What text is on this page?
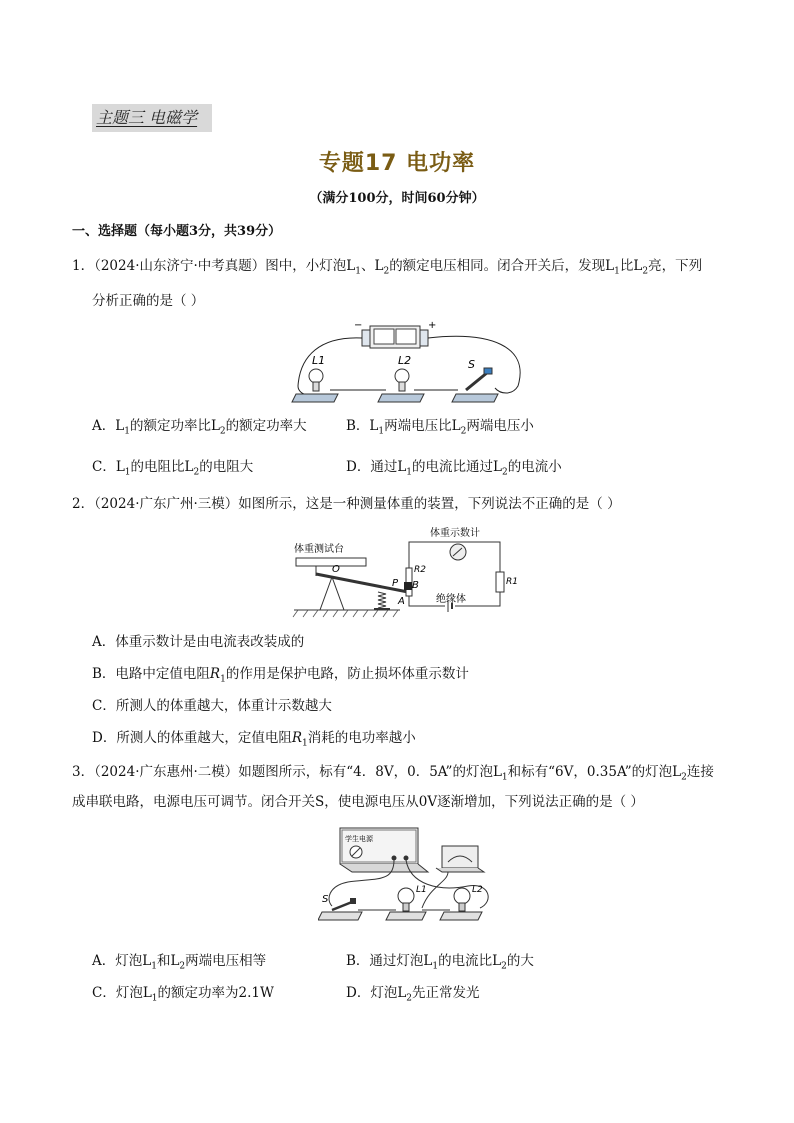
主题三 电磁学
专题17 电功率
（满分100分，时间60分钟）
一、选择题（每小题3分，共39分）
1．（2024·山东济宁·中考真题）图中，小灯泡$L_1$、$L_2$的额定电压相同。闭合开关后，发现$L_1$比$L_2$亮，下列
分析正确的是（ ）
−	+
L1	L2	S
A．$L_1$的额定功率比$L_2$的额定功率大	B．$L_1$两端电压比$L_2$两端电压小
C．$L_1$的电阻比$L_2$的电阻大	D．通过$L_1$的电流比通过$L_2$的电流小
2．（2024·广东广州·三模）如图所示，这是一种测量体重的装置，下列说法不正确的是（ ）
体重测试台
O
P B
A
R2
R1
体重示数计
绝缘体
A．体重示数计是由电流表改装成的
B．电路中定值电阻$R_1$的作用是保护电路，防止损坏体重示数计
C．所测人的体重越大，体重计示数越大
D．所测人的体重越大，定值电阻$R_1$消耗的电功率越小
3．（2024·广东惠州·二模）如题图所示，标有“4．8V，0．5A”的灯泡$L_1$和标有“6V，0.35A”的灯泡$L_2$连接
成串联电路，电源电压可调节。闭合开关S，使电源电压从0V逐渐增加，下列说法正确的是（ ）
学生电源
S
L1	L2
A．灯泡$L_1$和$L_2$两端电压相等	B．通过灯泡$L_1$的电流比$L_2$的大
C．灯泡$L_1$的额定功率为2.1W	D．灯泡$L_2$先正常发光
